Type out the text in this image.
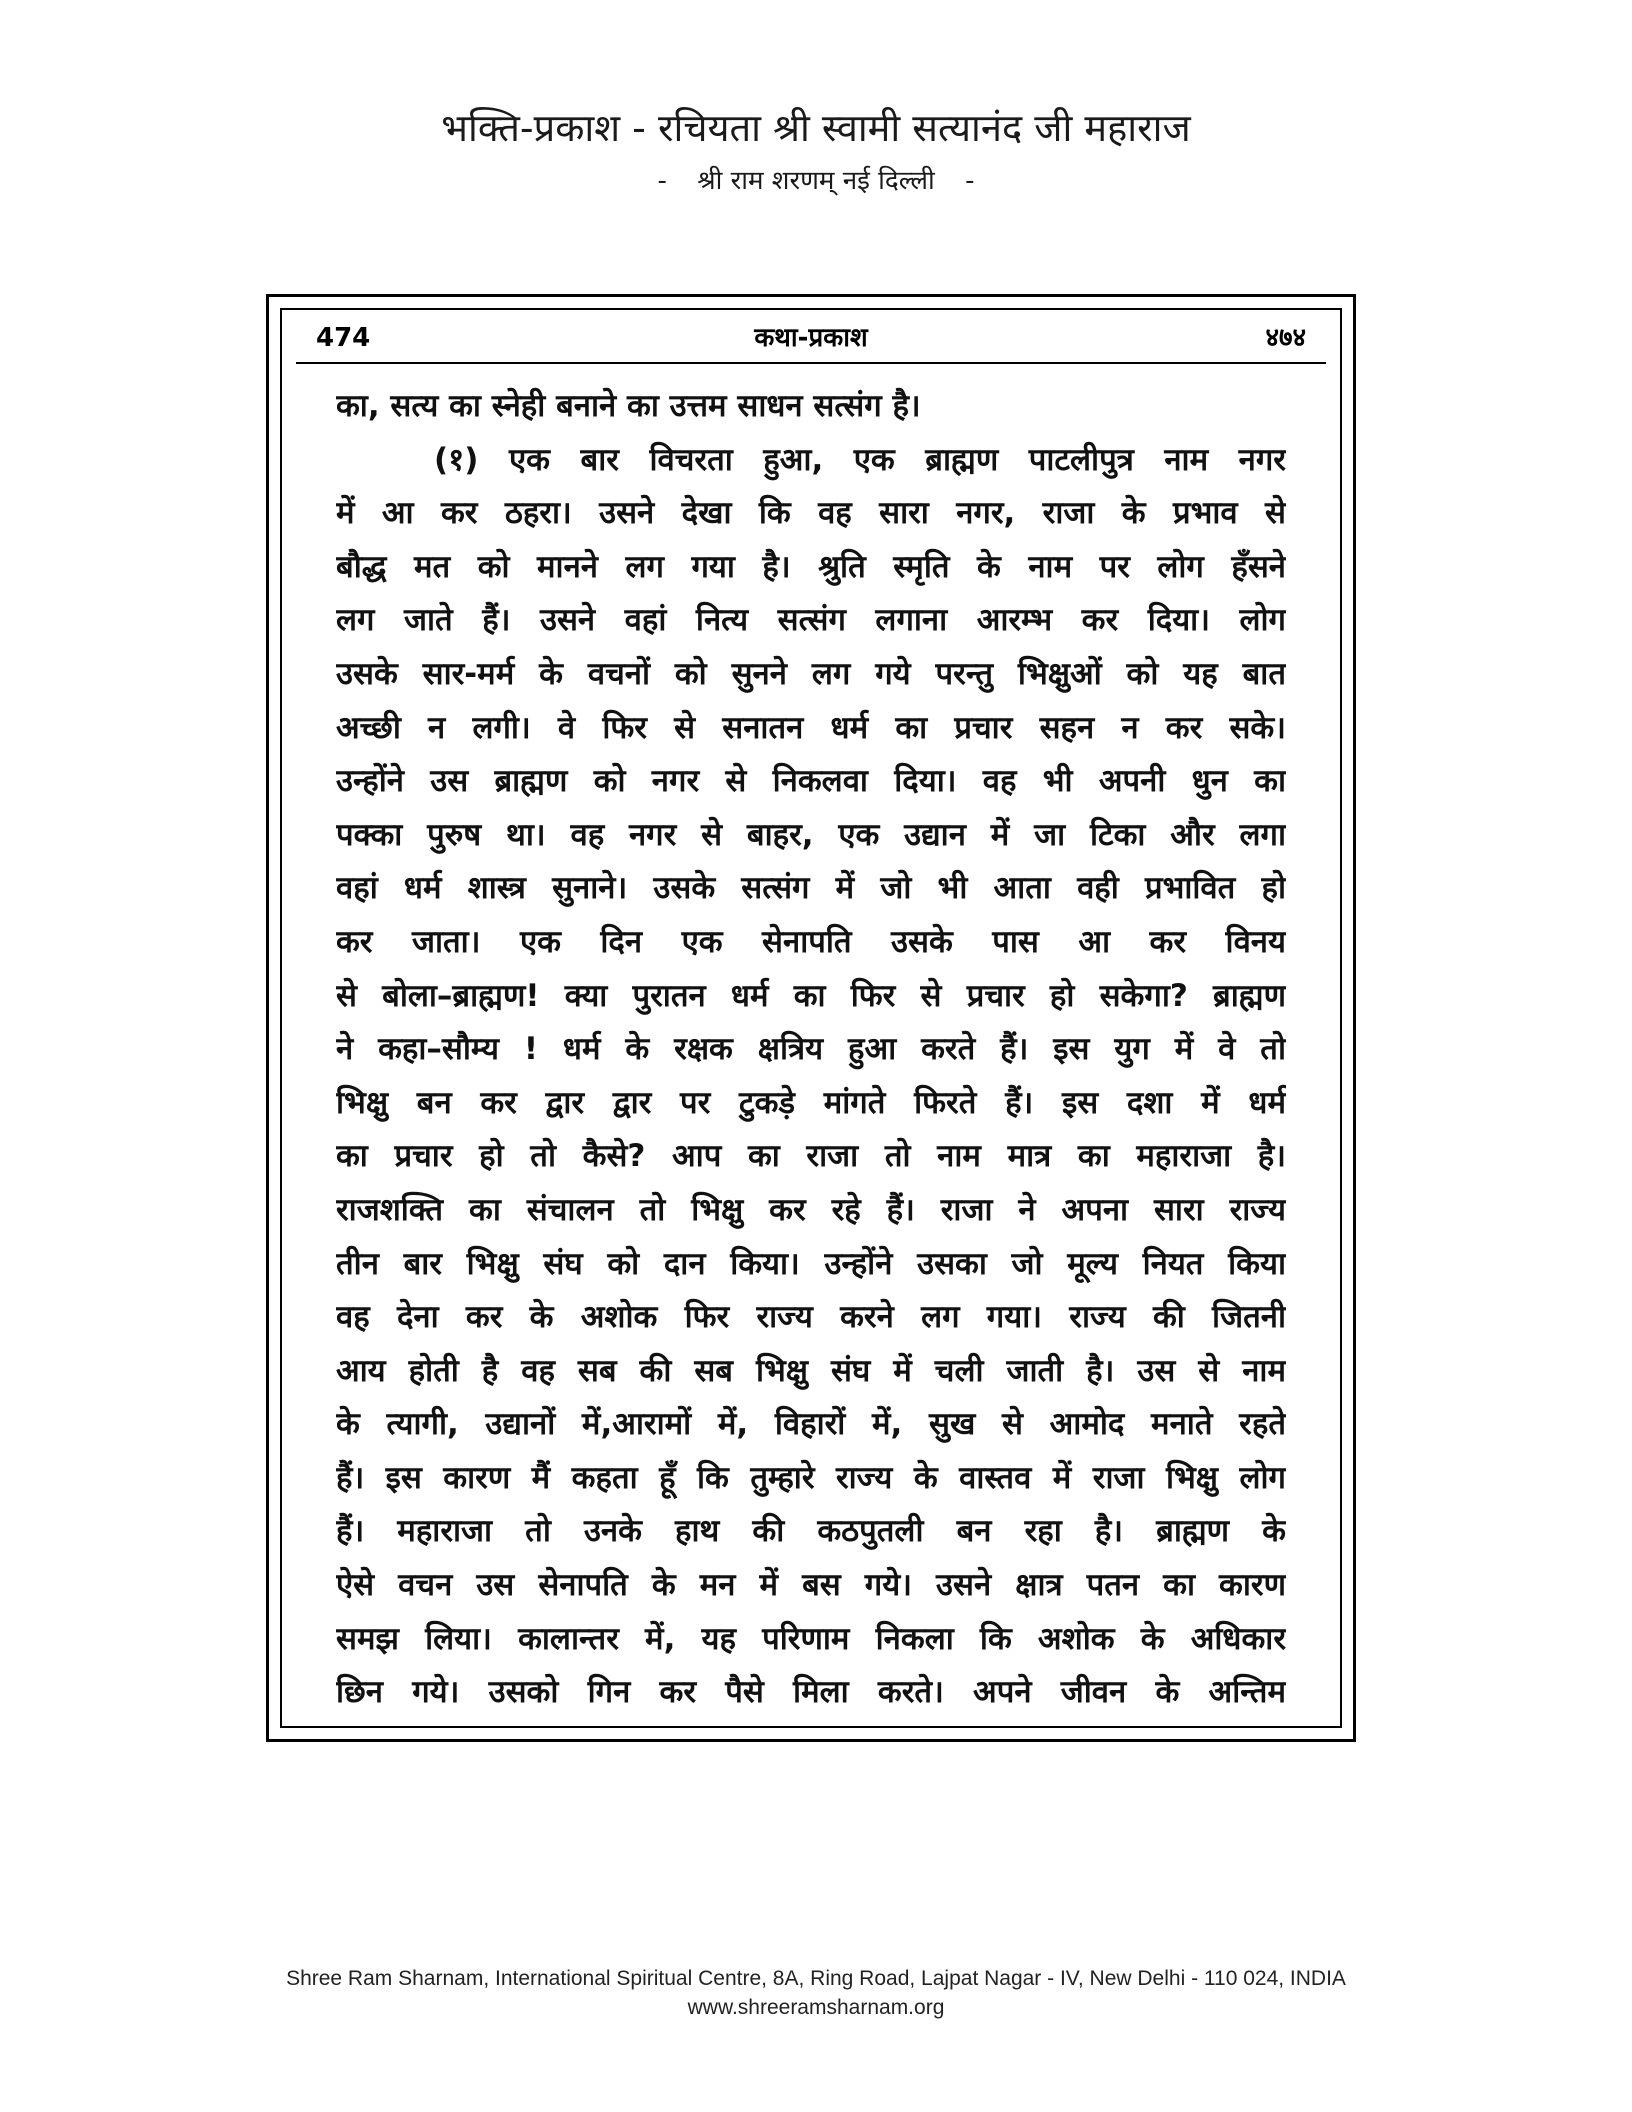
भक्ति-प्रकाश - रचियता श्री स्वामी सत्यानंद जी महाराज
- श्री राम शरणम् नई दिल्ली -
474	कथा-प्रकाश	४७४
का, सत्य का स्नेही बनाने का उत्तम साधन सत्संग है।
(१) एक बार विचरता हुआ, एक ब्राह्मण पाटलीपुत्र नाम नगर
में आ कर ठहरा। उसने देखा कि वह सारा नगर, राजा के प्रभाव से
बौद्ध मत को मानने लग गया है। श्रुति स्मृति के नाम पर लोग हँसने
लग जाते हैं। उसने वहां नित्य सत्संग लगाना आरम्भ कर दिया। लोग
उसके सार-मर्म के वचनों को सुनने लग गये परन्तु भिक्षुओं को यह बात
अच्छी न लगी। वे फिर से सनातन धर्म का प्रचार सहन न कर सके।
उन्होंने उस ब्राह्मण को नगर से निकलवा दिया। वह भी अपनी धुन का
पक्का पुरुष था। वह नगर से बाहर, एक उद्यान में जा टिका और लगा
वहां धर्म शास्त्र सुनाने। उसके सत्संग में जो भी आता वही प्रभावित हो
कर जाता। एक दिन एक सेनापति उसके पास आ कर विनय
से बोला–ब्राह्मण! क्या पुरातन धर्म का फिर से प्रचार हो सकेगा? ब्राह्मण
ने कहा–सौम्य ! धर्म के रक्षक क्षत्रिय हुआ करते हैं। इस युग में वे तो
भिक्षु बन कर द्वार द्वार पर टुकड़े मांगते फिरते हैं। इस दशा में धर्म
का प्रचार हो तो कैसे? आप का राजा तो नाम मात्र का महाराजा है।
राजशक्ति का संचालन तो भिक्षु कर रहे हैं। राजा ने अपना सारा राज्य
तीन बार भिक्षु संघ को दान किया। उन्होंने उसका जो मूल्य नियत किया
वह देना कर के अशोक फिर राज्य करने लग गया। राज्य की जितनी
आय होती है वह सब की सब भिक्षु संघ में चली जाती है। उस से नाम
के त्यागी, उद्यानों में,आरामों में, विहारों में, सुख से आमोद मनाते रहते
हैं। इस कारण मैं कहता हूँ कि तुम्हारे राज्य के वास्तव में राजा भिक्षु लोग
हैं। महाराजा तो उनके हाथ की कठपुतली बन रहा है। ब्राह्मण के
ऐसे वचन उस सेनापति के मन में बस गये। उसने क्षात्र पतन का कारण
समझ लिया। कालान्तर में, यह परिणाम निकला कि अशोक के अधिकार
छिन गये। उसको गिन कर पैसे मिला करते। अपने जीवन के अन्तिम
Shree Ram Sharnam, International Spiritual Centre, 8A, Ring Road, Lajpat Nagar - IV, New Delhi - 110 024, INDIA
www.shreeramsharnam.org
